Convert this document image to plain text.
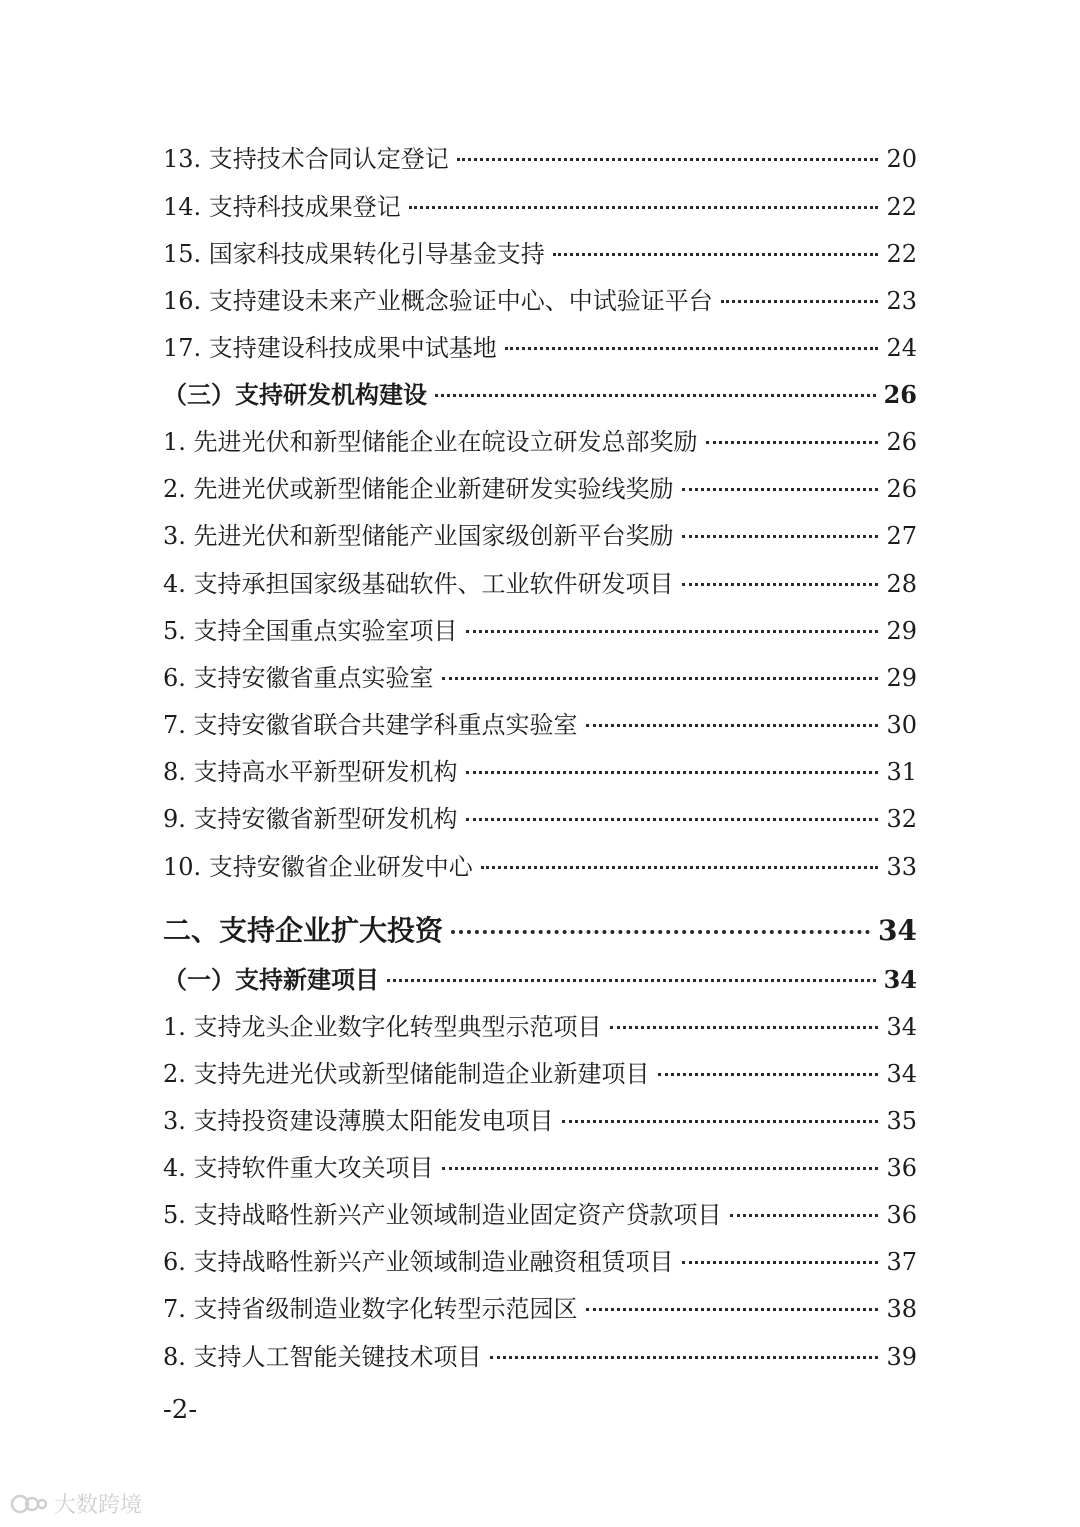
13. 支持技术合同认定登记	20
14. 支持科技成果登记	22
15. 国家科技成果转化引导基金支持	22
16. 支持建设未来产业概念验证中心、中试验证平台	23
17. 支持建设科技成果中试基地	24
（三）支持研发机构建设	26
1. 先进光伏和新型储能企业在皖设立研发总部奖励	26
2. 先进光伏或新型储能企业新建研发实验线奖励	26
3. 先进光伏和新型储能产业国家级创新平台奖励	27
4. 支持承担国家级基础软件、工业软件研发项目	28
5. 支持全国重点实验室项目	29
6. 支持安徽省重点实验室	29
7. 支持安徽省联合共建学科重点实验室	30
8. 支持高水平新型研发机构	31
9. 支持安徽省新型研发机构	32
10. 支持安徽省企业研发中心	33
二、支持企业扩大投资	34
（一）支持新建项目	34
1. 支持龙头企业数字化转型典型示范项目	34
2. 支持先进光伏或新型储能制造企业新建项目	34
3. 支持投资建设薄膜太阳能发电项目	35
4. 支持软件重大攻关项目	36
5. 支持战略性新兴产业领域制造业固定资产贷款项目	36
6. 支持战略性新兴产业领域制造业融资租赁项目	37
7. 支持省级制造业数字化转型示范园区	38
8. 支持人工智能关键技术项目	39
-2-
大数跨境
